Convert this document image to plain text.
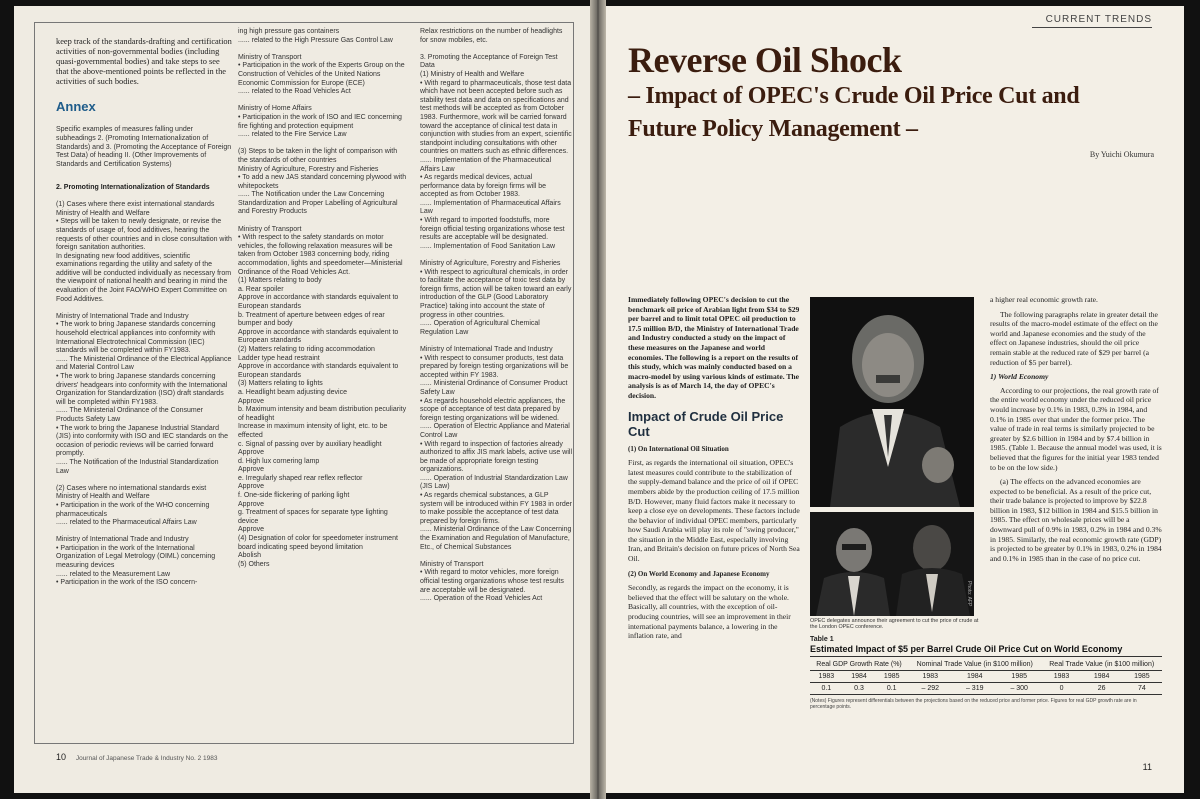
keep track of the standards-drafting and certification activities of non-governmental bodies (including quasi-governmental bodies) and take steps to see that the above-mentioned points be reflected in the activities of such bodies.

Annex

Specific examples of measures falling under subheadings 2. (Promoting Internationalization of Standards) and 3. (Promoting the Acceptance of Foreign Test Data) of heading II. (Other Improvements of Standards and Certification Systems)

2. Promoting Internationalization of Standards

(1) Cases where there exist international standards
Ministry of Health and Welfare
• Steps will be taken to newly designate, or revise the standards of usage of, food additives, hearing the requests of other countries and in close consultation with foreign sanitation authorities.
In designating new food additives, scientific examinations regarding the utility and safety of the additive will be conducted individually as necessary from the viewpoint of national health and bearing in mind the evaluation of the Joint FAO/WHO Expert Committee on Food Additives.

Ministry of International Trade and Industry
• The work to bring Japanese standards concerning household electrical appliances into conformity with International Electrotechnical Commission (IEC) standards will be completed within FY1983.
...... The Ministerial Ordinance of the Electrical Appliance and Material Control Law
• The work to bring Japanese standards concerning drivers' headgears into conformity with the International Organization for Standardization (ISO) draft standards will be completed within FY1983.
...... The Ministerial Ordinance of the Consumer Products Safety Law
• The work to bring the Japanese Industrial Standard (JIS) into conformity with ISO and IEC standards on the occasion of periodic reviews will be carried forward promptly.
...... The Notification of the Industrial Standardization Law

(2) Cases where no international standards exist
Ministry of Health and Welfare
• Participation in the work of the WHO concerning pharmaceuticals
...... related to the Pharmaceutical Affairs Law

Ministry of International Trade and Industry
• Participation in the work of the International Organization of Legal Metrology (OIML) concerning measuring devices
...... related to the Measurement Law
• Participation in the work of the ISO concern-

ing high pressure gas containers
...... related to the High Pressure Gas Control Law

Ministry of Transport
• Participation in the work of the Experts Group on the Construction of Vehicles of the United Nations Economic Commission for Europe (ECE)
...... related to the Road Vehicles Act

Ministry of Home Affairs
• Participation in the work of ISO and IEC concerning fire fighting and protection equipment
...... related to the Fire Service Law

(3) Steps to be taken in the light of comparison with the standards of other countries
Ministry of Agriculture, Forestry and Fisheries
• To add a new JAS standard concerning plywood with whitepockets
...... The Notification under the Law Concerning Standardization and Proper Labelling of Agricultural and Forestry Products

Ministry of Transport
• With respect to the safety standards on motor vehicles, the following relaxation measures will be taken from October 1983 concerning body, riding accommodation, lights and speedometer—Ministerial Ordinance of the Road Vehicles Act.
(1) Matters relating to body
a. Rear spoiler
Approve in accordance with standards equivalent to European standards
b. Treatment of aperture between edges of rear bumper and body
Approve in accordance with standards equivalent to European standards
(2) Matters relating to riding accommodation
Ladder type head restraint
Approve in accordance with standards equivalent to European standards
(3) Matters relating to lights
a. Headlight beam adjusting device
Approve
b. Maximum intensity and beam distribution peculiarity of headlight
Increase in maximum intensity of light, etc. to be effected
c. Signal of passing over by auxiliary headlight
Approve
d. High lux cornering lamp
Approve
e. Irregularly shaped rear reflex reflector
Approve
f. One-side flickering of parking light
Approve
g. Treatment of spaces for separate type lighting device
Approve
(4) Designation of color for speedometer instrument board indicating speed beyond limitation
Abolish
(5) Others
Relax restrictions on the number of headlights for snow mobiles, etc.

3. Promoting the Acceptance of Foreign Test Data
(1) Ministry of Health and Welfare
• With regard to pharmaceuticals, those test data which have not been accepted before such as stability test data and data on specifications and test methods will be accepted as from October 1983. Furthermore, work will be carried forward toward the acceptance of clinical test data in conjunction with studies from an expert, scientific standpoint including consultations with other countries on matters such as ethnic differences.
...... Implementation of the Pharmaceutical Affairs Law
• As regards medical devices, actual performance data by foreign firms will be accepted as from October 1983.
...... Implementation of Pharmaceutical Affairs Law
• With regard to imported foodstuffs, more foreign official testing organizations whose test results are acceptable will be designated.
...... Implementation of Food Sanitation Law

Ministry of Agriculture, Forestry and Fisheries
• With respect to agricultural chemicals, in order to facilitate the acceptance of toxic test data by foreign firms, action will be taken toward an early introduction of the GLP (Good Laboratory Practice) taking into account the state of progress in other countries.
...... Operation of Agricultural Chemical Regulation Law

Ministry of International Trade and Industry
• With respect to consumer products, test data prepared by foreign testing organizations will be accepted within FY 1983.
...... Ministerial Ordinance of Consumer Product Safety Law
• As regards household electric appliances, the scope of acceptance of test data prepared by foreign testing organizations will be widened.
...... Operation of Electric Appliance and Material Control Law
• With regard to inspection of factories already authorized to affix JIS mark labels, active use will be made of appropriate foreign testing organizations.
...... Operation of Industrial Standardization Law (JIS Law)
• As regards chemical substances, a GLP system will be introduced within FY 1983 in order to make possible the acceptance of test data prepared by foreign firms.
...... Ministerial Ordinance of the Law Concerning the Examination and Regulation of Manufacture, Etc., of Chemical Substances

Ministry of Transport
• With regard to motor vehicles, more foreign official testing organizations whose test results are acceptable will be designated.
...... Operation of the Road Vehicles Act
10 Journal of Japanese Trade & Industry No. 2 1983
CURRENT TRENDS
Reverse Oil Shock
– Impact of OPEC's Crude Oil Price Cut and
Future Policy Management –
By Yuichi Okumura

Immediately following OPEC's decision to cut the benchmark oil price of Arabian light from $34 to $29 per barrel and to limit total OPEC oil production to 17.5 million B/D, the Ministry of International Trade and Industry conducted a study on the impact of these measures on the Japanese and world economies. The following is a report on the results of this study, which was mainly conducted based on a macro-model by using various kinds of estimate. The analysis is as of March 14, the day of OPEC's decision.

Impact of Crude Oil Price Cut
(1) On International Oil Situation

First, as regards the international oil situation, OPEC's latest measures could contribute to the stabilization of the supply-demand balance and the price of oil if OPEC members abide by the production ceiling of 17.5 million B/D. However, many fluid factors make it necessary to keep a close eye on developments. These factors include the behavior of individual OPEC members, particularly how Saudi Arabia will play its role of "swing producer," the situation in the Middle East, especially involving Iran, and Britain's decision on future prices of North Sea Oil.

(2) On World Economy and Japanese Economy

Secondly, as regards the impact on the economy, it is believed that the effect will be salutary on the whole. Basically, all countries, with the exception of oil-producing countries, will see an improvement in their international payments balance, a lowering in the inflation rate, and

Photo: AFP
OPEC delegates announce their agreement to cut the price of crude at the London OPEC conference.

a higher real economic growth rate.

The following paragraphs relate in greater detail the results of the macro-model estimate of the effect on the world and Japanese economies and the study of the effect on Japanese industries, should the oil price remain stable at the reduced rate of $29 per barrel (a reduction of $5 per barrel).

1) World Economy

According to our projections, the real growth rate of the entire world economy under the reduced oil price would increase by 0.1% in 1983, 0.3% in 1984, and 0.1% in 1985 over that under the former price. The value of trade in real terms is similarly projected to be greater by $2.6 billion in 1984 and by $7.4 billion in 1985. (Table 1. Because the annual model was used, it is believed that the figures for the initial year 1983 tended to be on the low side.)

(a) The effects on the advanced economies are expected to be beneficial. As a result of the price cut, their trade balance is projected to improve by $22.8 billion in 1983, $12 billion in 1984 and $15.5 billion in 1985. The effect on wholesale prices will be a downward pull of 0.9% in 1983, 0.2% in 1984 and 0.3% in 1985. Similarly, the real economic growth rate (GDP) is projected to be greater by 0.1% in 1983, 0.2% in 1984 and 0.1% in 1985 than in the case of no price cut.

Table 1
Estimated Impact of $5 per Barrel Crude Oil Price Cut on World Economy
Real GDP Growth Rate (%)			Nominal Trade Value (in $100 million)			Real Trade Value (in $100 million)		
1983	1984	1985	1983	1984	1985	1983	1984	1985
0.1	0.3	0.1	– 292	– 319	– 300	0	26	74
(Notes) Figures represent differentials between the projections based on the reduced price and former price. Figures for real GDP growth rate are in percentage points.
11
